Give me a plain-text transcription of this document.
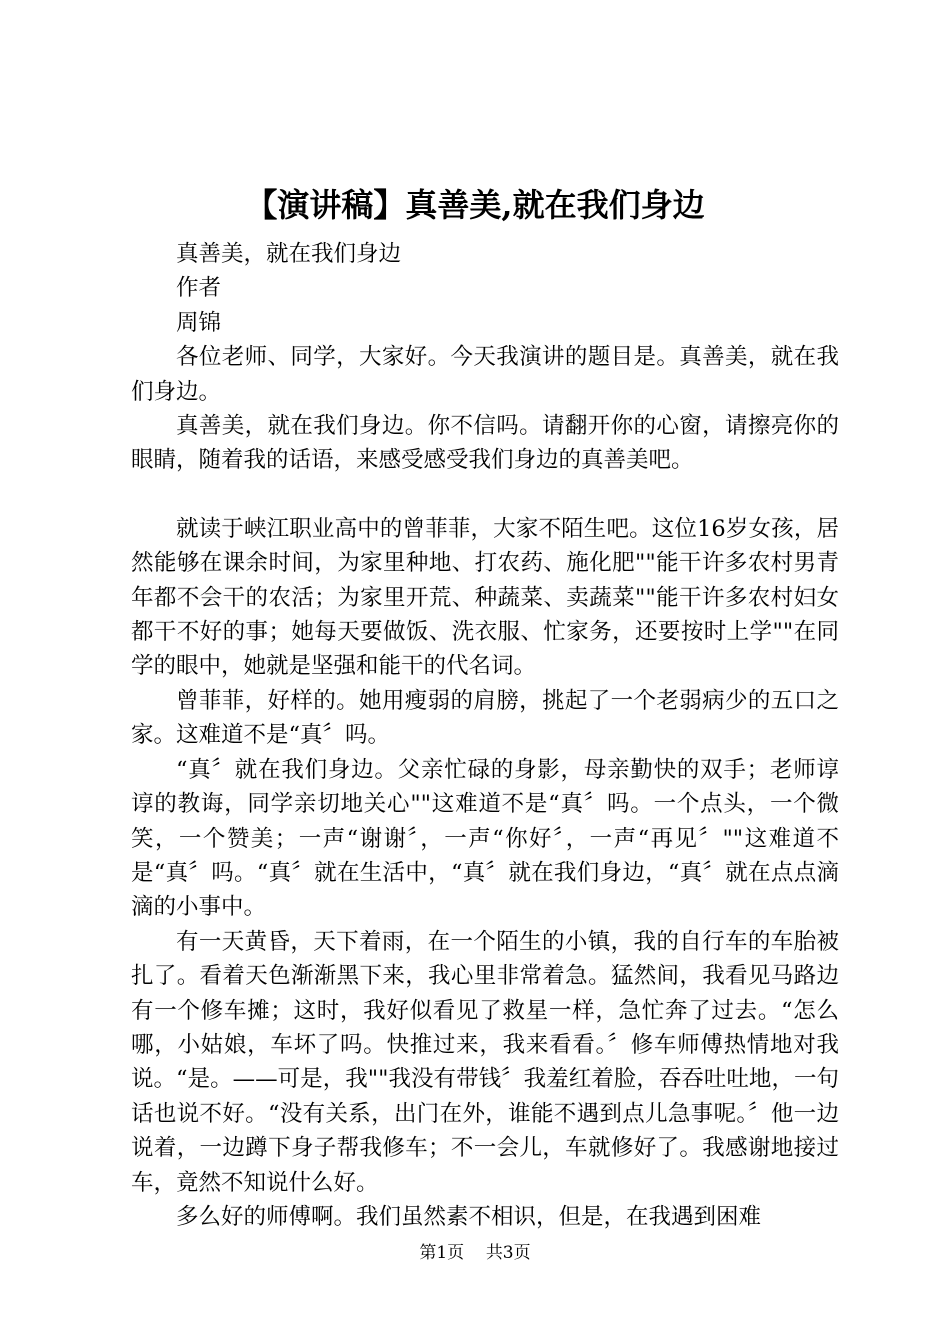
【演讲稿】真善美,就在我们身边

真善美，就在我们身边

作者

周锦

各位老师、同学，大家好。今天我演讲的题目是。真善美，就在我们身边。

真善美，就在我们身边。你不信吗。请翻开你的心窗，请擦亮你的眼睛，随着我的话语，来感受感受我们身边的真善美吧。

就读于峡江职业高中的曾菲菲，大家不陌生吧。这位16岁女孩，居然能够在课余时间，为家里种地、打农药、施化肥""能干许多农村男青年都不会干的农活；为家里开荒、种蔬菜、卖蔬菜""能干许多农村妇女都干不好的事；她每天要做饭、洗衣服、忙家务，还要按时上学""在同学的眼中，她就是坚强和能干的代名词。

曾菲菲，好样的。她用瘦弱的肩膀，挑起了一个老弱病少的五口之家。这难道不是“真〞吗。

“真〞就在我们身边。父亲忙碌的身影，母亲勤快的双手；老师谆谆的教诲，同学亲切地关心""这难道不是“真〞吗。一个点头，一个微笑，一个赞美；一声“谢谢〞，一声“你好〞，一声“再见〞""这难道不是“真〞吗。“真〞就在生活中，“真〞就在我们身边，“真〞就在点点滴滴的小事中。

有一天黄昏，天下着雨，在一个陌生的小镇，我的自行车的车胎被扎了。看着天色渐渐黑下来，我心里非常着急。猛然间，我看见马路边有一个修车摊；这时，我好似看见了救星一样，急忙奔了过去。“怎么哪，小姑娘，车坏了吗。快推过来，我来看看。〞修车师傅热情地对我说。“是。——可是，我""我没有带钱〞我羞红着脸，吞吞吐吐地，一句话也说不好。“没有关系，出门在外，谁能不遇到点儿急事呢。〞他一边说着，一边蹲下身子帮我修车；不一会儿，车就修好了。我感谢地接过车，竟然不知说什么好。

多么好的师傅啊。我们虽然素不相识，但是，在我遇到困难

第1页 共3页
